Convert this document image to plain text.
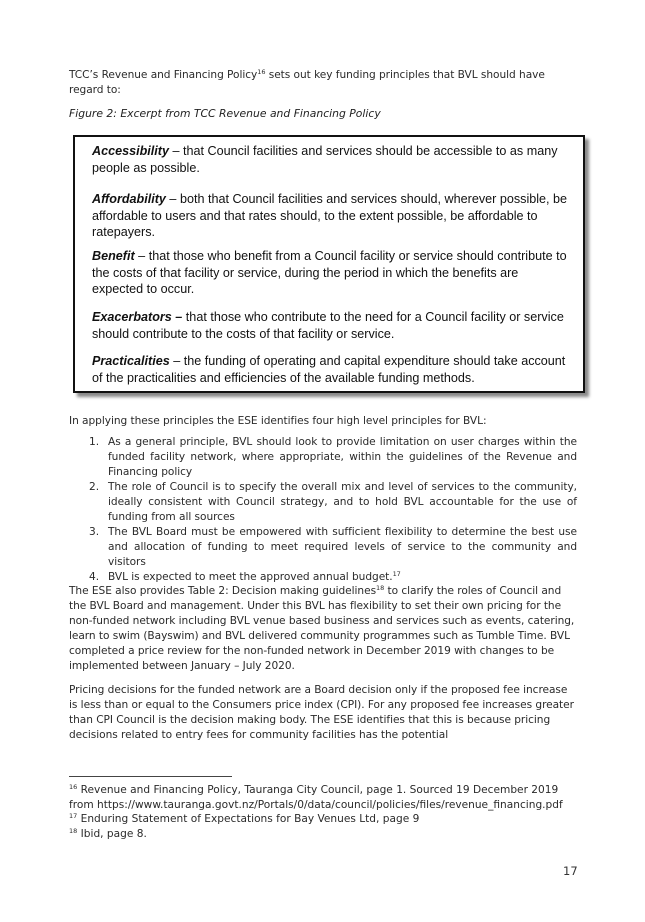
TCC’s Revenue and Financing Policy$^{16}$ sets out key funding principles that BVL should have regard to:

Figure 2: Excerpt from TCC Revenue and Financing Policy

Accessibility – that Council facilities and services should be accessible to as many people as possible.
Affordability – both that Council facilities and services should, wherever possible, be affordable to users and that rates should, to the extent possible, be affordable to ratepayers.
Benefit – that those who benefit from a Council facility or service should contribute to the costs of that facility or service, during the period in which the benefits are expected to occur.
Exacerbators – that those who contribute to the need for a Council facility or service should contribute to the costs of that facility or service.
Practicalities – the funding of operating and capital expenditure should take account of the practicalities and efficiencies of the available funding methods.

In applying these principles the ESE identifies four high level principles for BVL:

1. As a general principle, BVL should look to provide limitation on user charges within the funded facility network, where appropriate, within the guidelines of the Revenue and Financing policy
2. The role of Council is to specify the overall mix and level of services to the community, ideally consistent with Council strategy, and to hold BVL accountable for the use of funding from all sources
3. The BVL Board must be empowered with sufficient flexibility to determine the best use and allocation of funding to meet required levels of service to the community and visitors
4. BVL is expected to meet the approved annual budget.$^{17}$

The ESE also provides Table 2: Decision making guidelines$^{18}$ to clarify the roles of Council and the BVL Board and management. Under this BVL has flexibility to set their own pricing for the non-funded network including BVL venue based business and services such as events, catering, learn to swim (Bayswim) and BVL delivered community programmes such as Tumble Time. BVL completed a price review for the non-funded network in December 2019 with changes to be implemented between January – July 2020.

Pricing decisions for the funded network are a Board decision only if the proposed fee increase is less than or equal to the Consumers price index (CPI). For any proposed fee increases greater than CPI Council is the decision making body. The ESE identifies that this is because pricing decisions related to entry fees for community facilities has the potential

$^{16}$ Revenue and Financing Policy, Tauranga City Council, page 1. Sourced 19 December 2019 from https://www.tauranga.govt.nz/Portals/0/data/council/policies/files/revenue_financing.pdf
$^{17}$ Enduring Statement of Expectations for Bay Venues Ltd, page 9
$^{18}$ Ibid, page 8.
17
